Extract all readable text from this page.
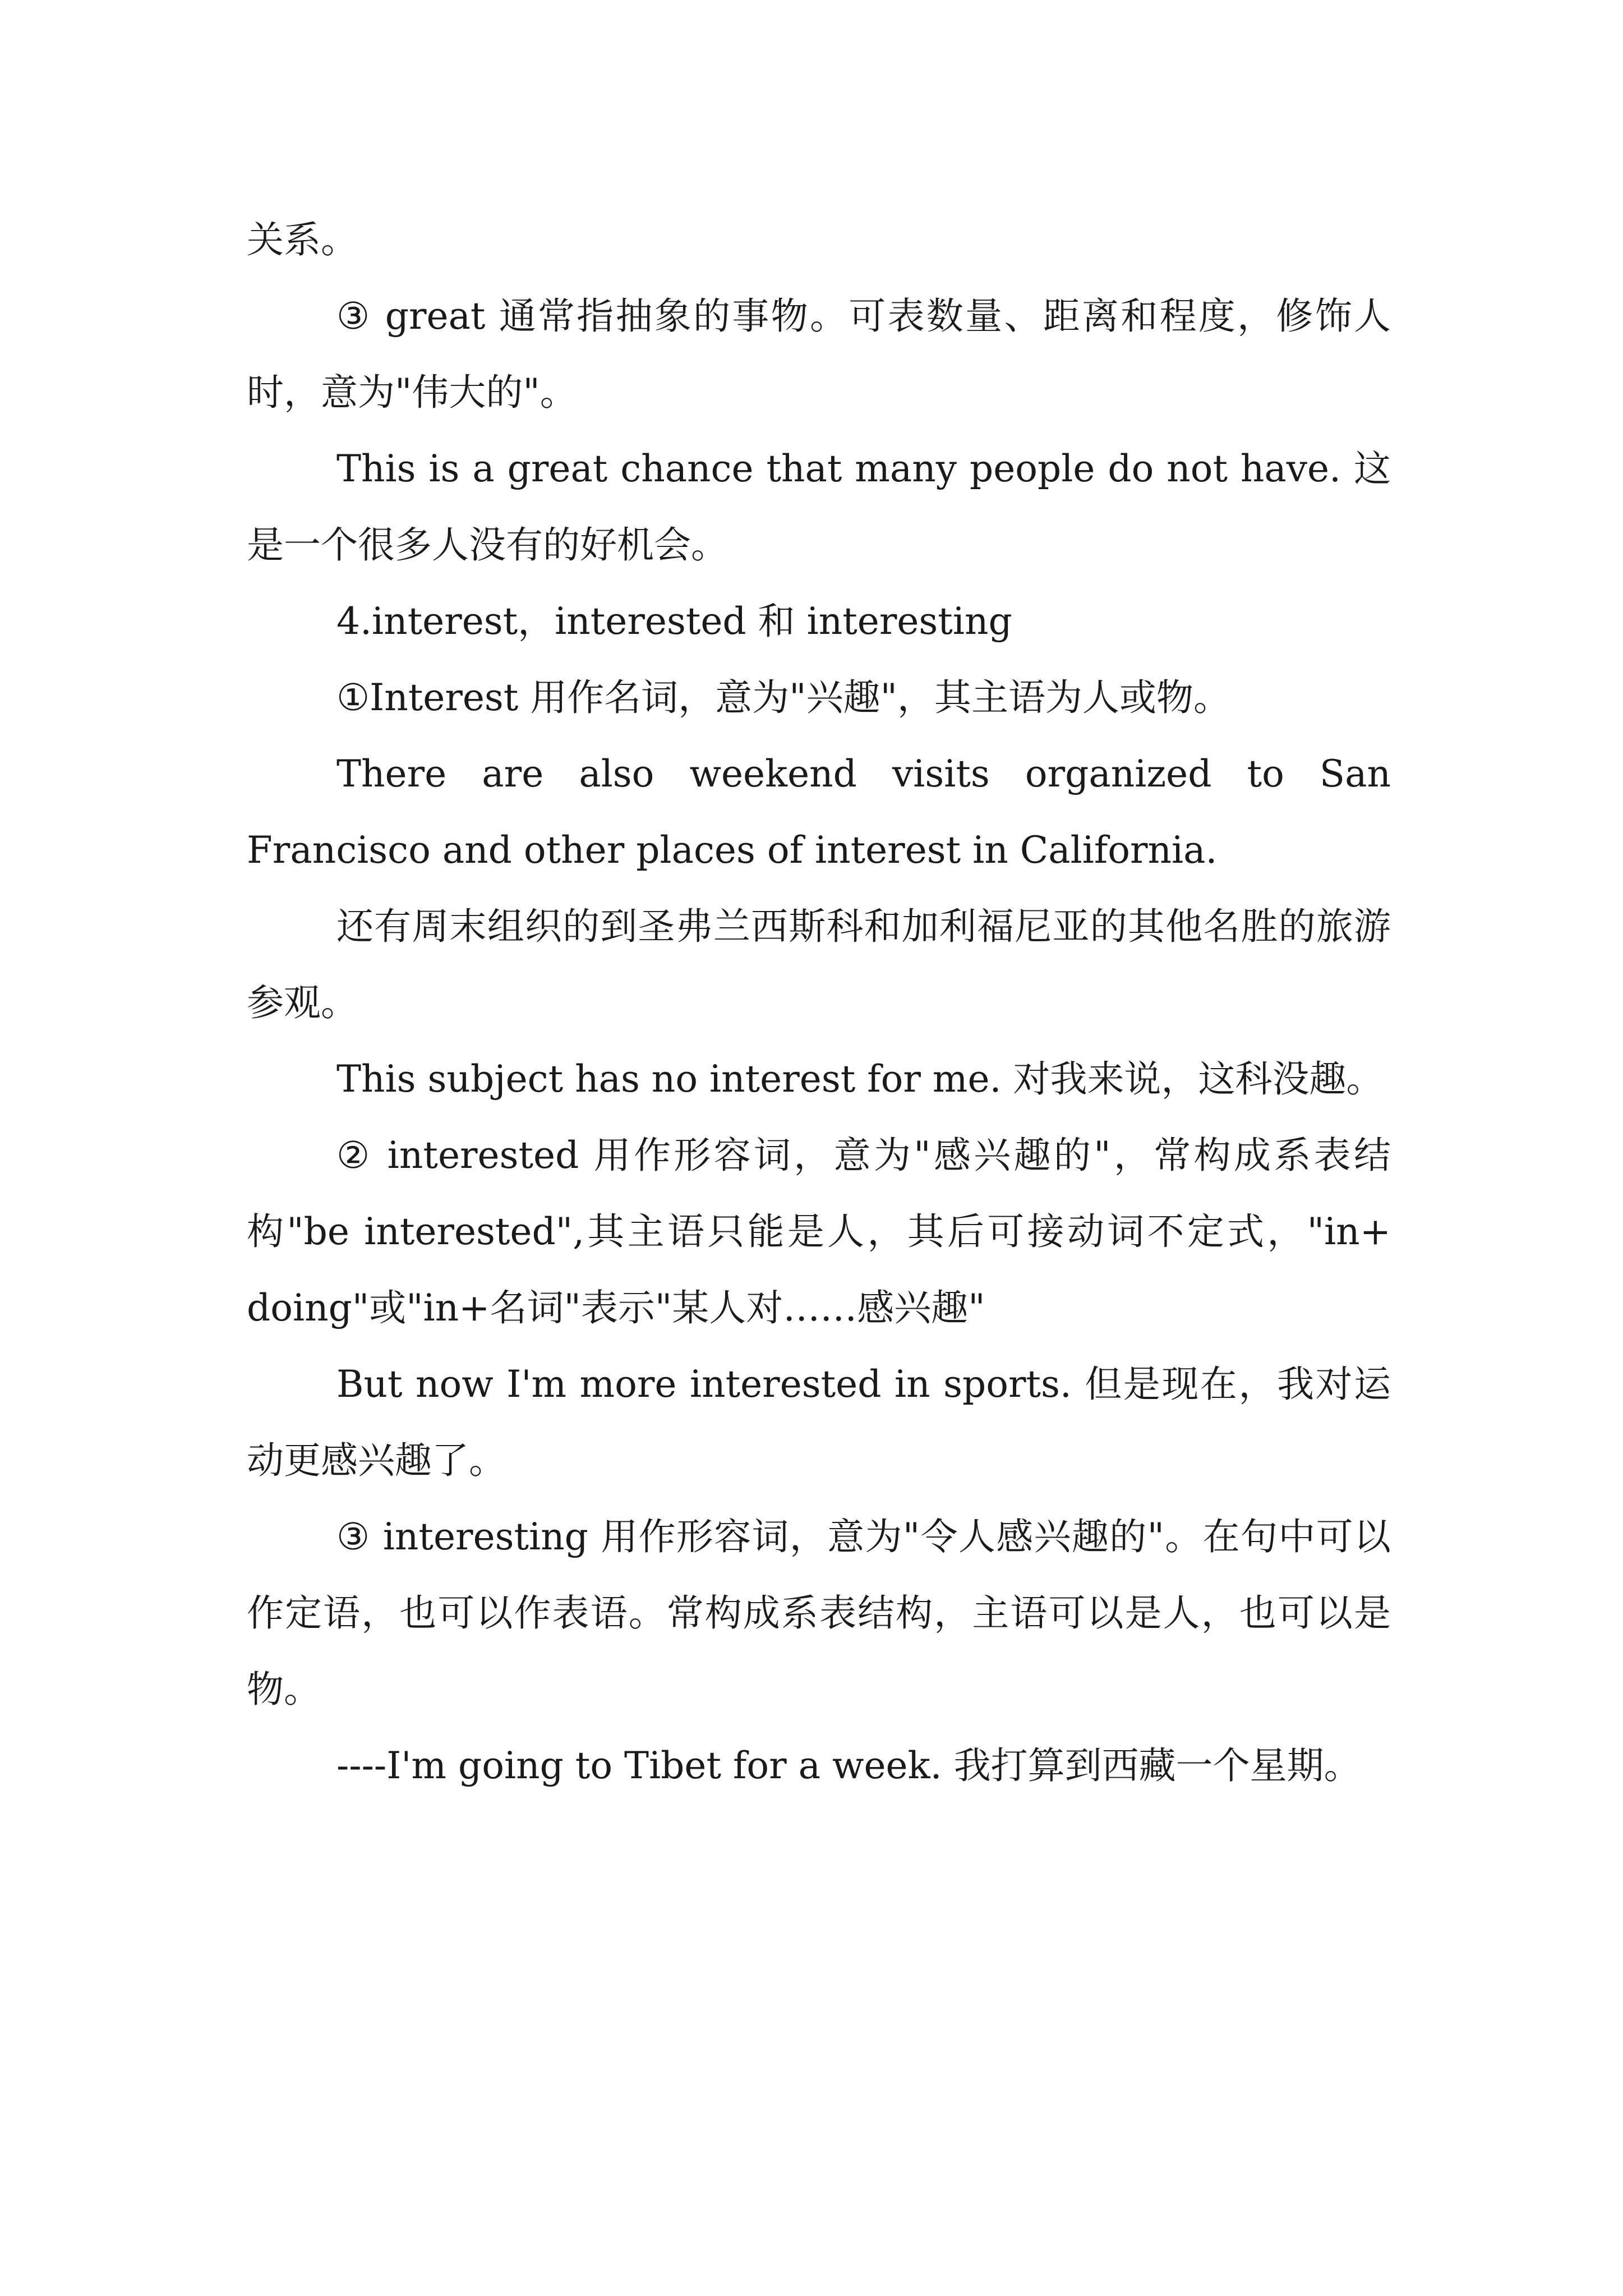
关系。

③ great 通常指抽象的事物。可表数量、距离和程度，修饰人时，意为"伟大的"。

This is a great chance that many people do not have. 这是一个很多人没有的好机会。

4.interest，interested 和 interesting

①Interest 用作名词，意为"兴趣"，其主语为人或物。

There are also weekend visits organized to San Francisco and other places of interest in California.

还有周末组织的到圣弗兰西斯科和加利福尼亚的其他名胜的旅游参观。

This subject has no interest for me. 对我来说，这科没趣。

② interested 用作形容词，意为"感兴趣的"，常构成系表结构"be interested",其主语只能是人，其后可接动词不定式，"in+ doing"或"in+名词"表示"某人对……感兴趣"

But now I'm more interested in sports. 但是现在，我对运动更感兴趣了。

③ interesting 用作形容词，意为"令人感兴趣的"。在句中可以作定语，也可以作表语。常构成系表结构，主语可以是人，也可以是物。

----I'm going to Tibet for a week. 我打算到西藏一个星期。
